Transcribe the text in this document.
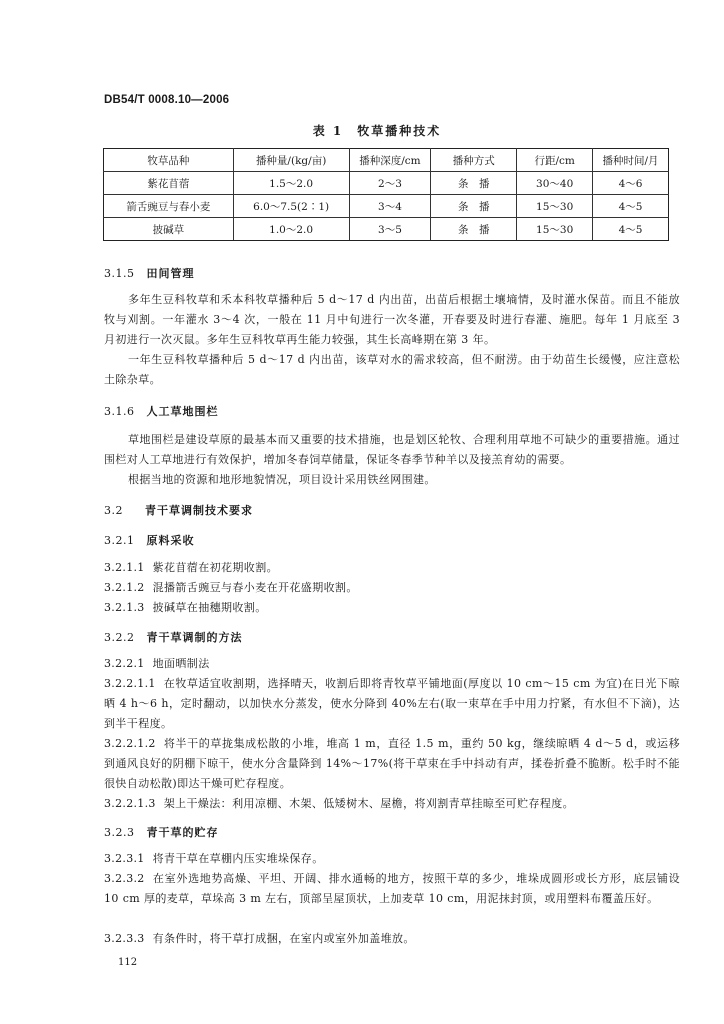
DB54/T 0008.10—2006
表 1　牧草播种技术
牧草品种	播种量/(kg/亩)	播种深度/cm	播种方式	行距/cm	播种时间/月
紫花苜蓿	1.5～2.0	2～3	条　播	30～40	4～6
箭舌豌豆与春小麦	6.0～7.5(2∶1)	3～4	条　播	15～30	4～5
披碱草	1.0～2.0	3～5	条　播	15～30	4～5
3.1.5 田间管理
多年生豆科牧草和禾本科牧草播种后 5 d～17 d 内出苗，出苗后根据土壤墒情，及时灌水保苗。而且不能放牧与刈割。一年灌水 3～4 次，一般在 11 月中旬进行一次冬灌，开春要及时进行春灌、施肥。每年 1 月底至 3 月初进行一次灭鼠。多年生豆科牧草再生能力较强，其生长高峰期在第 3 年。
一年生豆科牧草播种后 5 d～17 d 内出苗，该草对水的需求较高，但不耐涝。由于幼苗生长缓慢，应注意松土除杂草。
3.1.6 人工草地围栏
草地围栏是建设草原的最基本而又重要的技术措施，也是划区轮牧、合理利用草地不可缺少的重要措施。通过围栏对人工草地进行有效保护，增加冬春饲草储量，保证冬春季节种羊以及接羔育幼的需要。
根据当地的资源和地形地貌情况，项目设计采用铁丝网围建。
3.2 青干草调制技术要求
3.2.1 原料采收
3.2.1.1 紫花苜蓿在初花期收割。
3.2.1.2 混播箭舌豌豆与春小麦在开花盛期收割。
3.2.1.3 披碱草在抽穗期收割。
3.2.2 青干草调制的方法
3.2.2.1 地面晒制法
3.2.2.1.1 在牧草适宜收割期，选择晴天，收割后即将青牧草平铺地面(厚度以 10 cm～15 cm 为宜)在日光下晾晒 4 h～6 h，定时翻动，以加快水分蒸发，使水分降到 40%左右(取一束草在手中用力拧紧，有水但不下滴)，达到半干程度。
3.2.2.1.2 将半干的草拢集成松散的小堆，堆高 1 m，直径 1.5 m，重约 50 kg，继续晾晒 4 d～5 d，或运移到通风良好的阴棚下晾干，使水分含量降到 14%～17%(将干草束在手中抖动有声，揉卷折叠不脆断。松手时不能很快自动松散)即达干燥可贮存程度。
3.2.2.1.3 架上干燥法：利用凉棚、木架、低矮树木、屋檐，将刈割青草挂晾至可贮存程度。
3.2.3 青干草的贮存
3.2.3.1 将青干草在草棚内压实堆垛保存。
3.2.3.2 在室外选地势高燥、平坦、开阔、排水通畅的地方，按照干草的多少，堆垛成圆形或长方形，底层铺设 10 cm 厚的麦草，草垛高 3 m 左右，顶部呈屋顶状，上加麦草 10 cm，用泥抹封顶，或用塑料布覆盖压好。
3.2.3.3 有条件时，将干草打成捆，在室内或室外加盖堆放。
112
